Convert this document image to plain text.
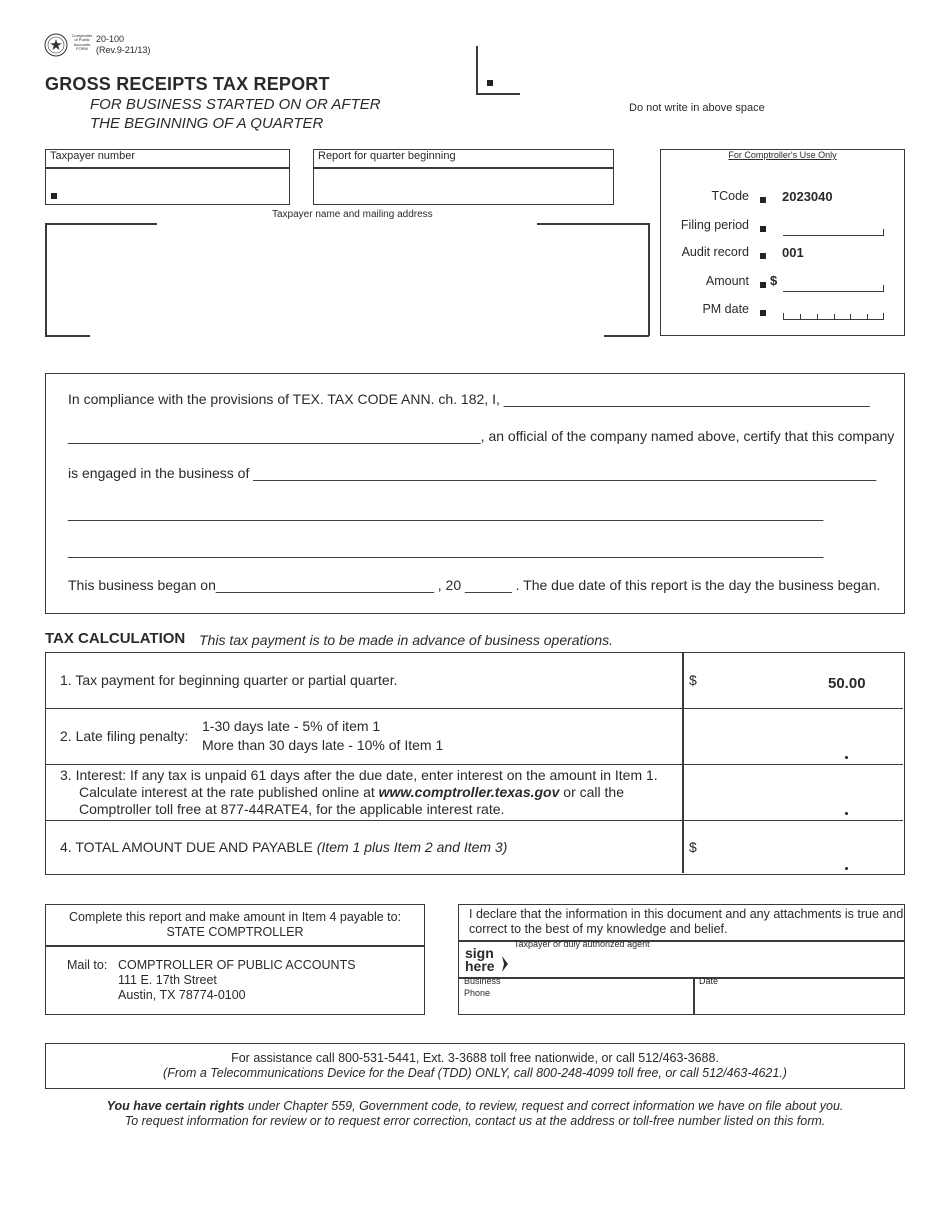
Comptroller of Public Accounts FORM
20-100
(Rev.9-21/13)
GROSS RECEIPTS TAX REPORT
FOR BUSINESS STARTED ON OR AFTER
THE BEGINNING OF A QUARTER
Do not write in above space
Taxpayer number	Report for quarter beginning
Taxpayer name and mailing address
For Comptroller's Use Only
TCode	2023040
Filing period
Audit record	001
Amount $
PM date
In compliance with the provisions of TEX. TAX CODE ANN. ch. 182, I, _______________________________________________
_____________________________________________________, an official of the company named above, certify that this company
is engaged in the business of ________________________________________________________________________________
_________________________________________________________________________________________________
_________________________________________________________________________________________________
This business began on____________________________ , 20 ______ . The due date of this report is the day the business began.
TAX CALCULATION This tax payment is to be made in advance of business operations.
1. Tax payment for beginning quarter or partial quarter.	$	50.00
2. Late filing penalty:
1-30 days late - 5% of item 1
More than 30 days late - 10% of Item 1
3. Interest: If any tax is unpaid 61 days after the due date, enter interest on the amount in Item 1.
Calculate interest at the rate published online at www.comptroller.texas.gov or call the
Comptroller toll free at 877-44RATE4, for the applicable interest rate.
4. TOTAL AMOUNT DUE AND PAYABLE (Item 1 plus Item 2 and Item 3)	$
Complete this report and make amount in Item 4 payable to:
STATE COMPTROLLER
Mail to: COMPTROLLER OF PUBLIC ACCOUNTS
111 E. 17th Street
Austin, TX 78774-0100
I declare that the information in this document and any attachments is true and
correct to the best of my knowledge and belief.
Taxpayer or duly authorized agent
sign
here
Business
Phone
Date
For assistance call 800-531-5441, Ext. 3-3688 toll free nationwide, or call 512/463-3688.
(From a Telecommunications Device for the Deaf (TDD) ONLY, call 800-248-4099 toll free, or call 512/463-4621.)
You have certain rights under Chapter 559, Government code, to review, request and correct information we have on file about you.
To request information for review or to request error correction, contact us at the address or toll-free number listed on this form.
